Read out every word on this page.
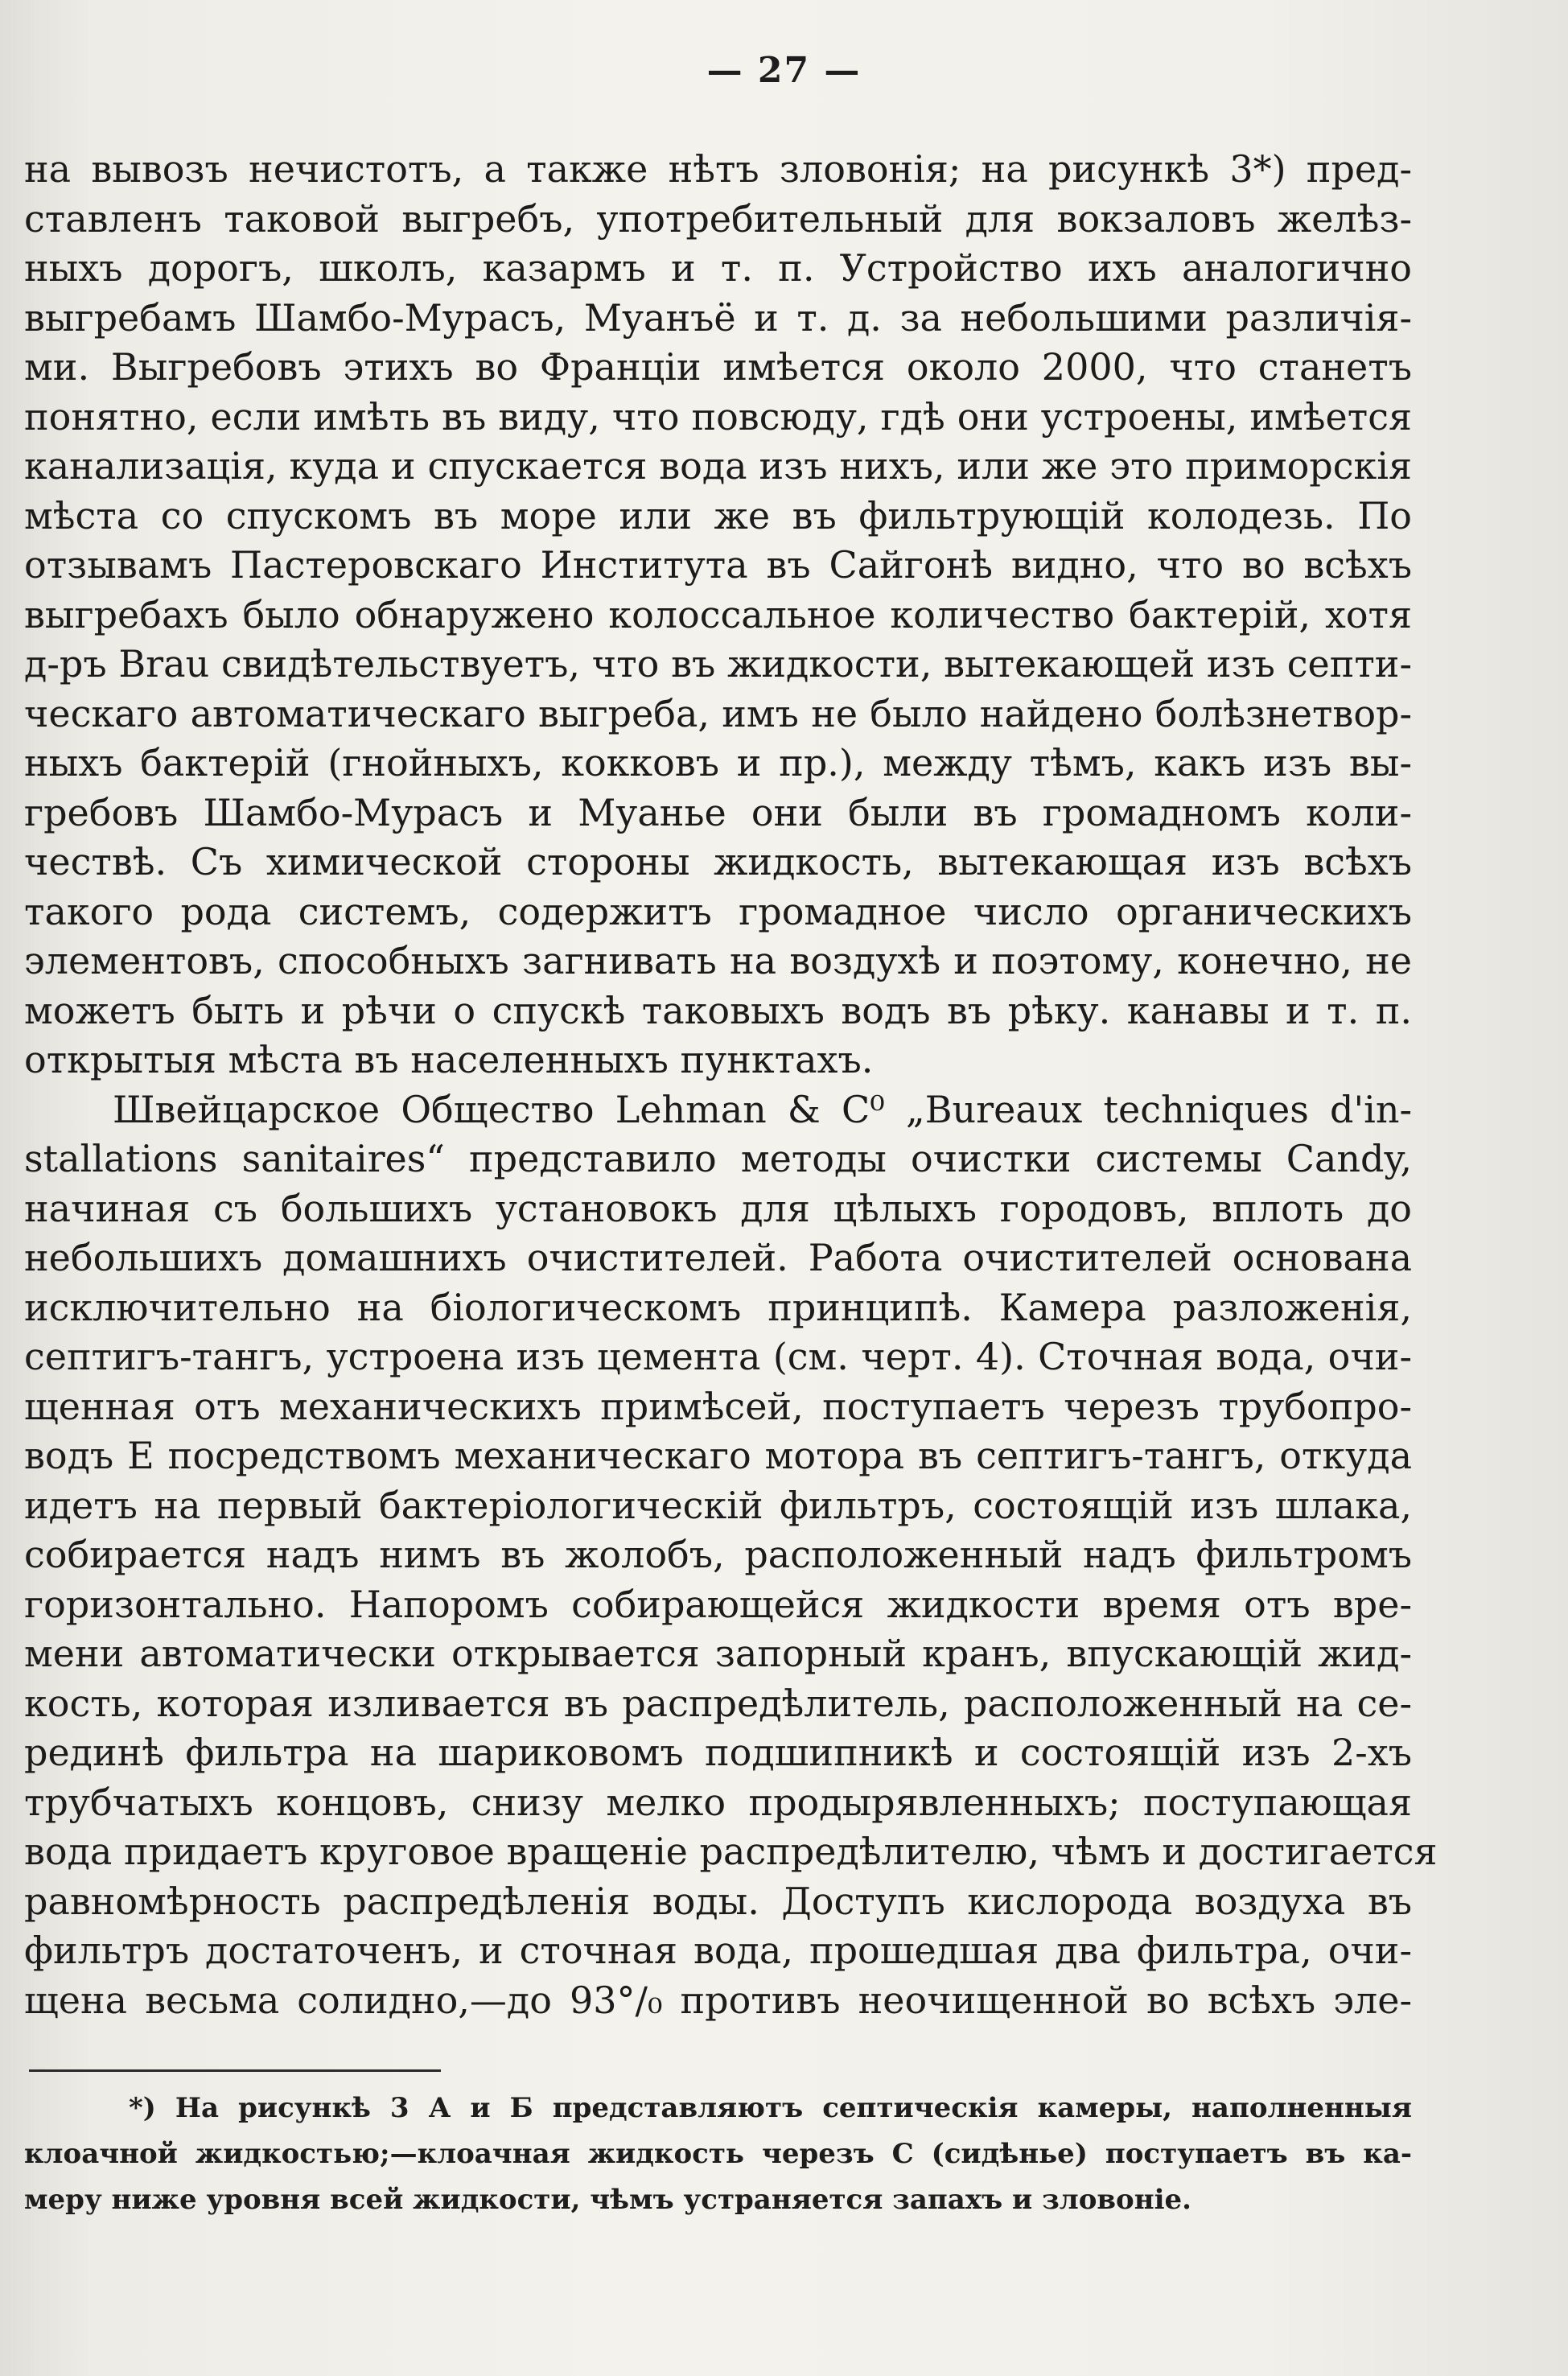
— 27 —
на вывозъ нечистотъ, а также нѣтъ зловонія; на рисункѣ 3*) пред-
ставленъ таковой выгребъ, употребительный для вокзаловъ желѣз-
ныхъ дорогъ, школъ, казармъ и т. п. Устройство ихъ аналогично
выгребамъ Шамбо-Мурасъ, Муанъё и т. д. за небольшими различія-
ми. Выгребовъ этихъ во Франціи имѣется около 2000, что станетъ
понятно, если имѣть въ виду, что повсюду, гдѣ они устроены, имѣется
канализація, куда и спускается вода изъ нихъ, или же это приморскія
мѣста со спускомъ въ море или же въ фильтрующій колодезь. По
отзывамъ Пастеровскаго Института въ Сайгонѣ видно, что во всѣхъ
выгребахъ было обнаружено колоссальное количество бактерій, хотя
д-ръ Brau свидѣтельствуетъ, что въ жидкости, вытекающей изъ септи-
ческаго автоматическаго выгреба, имъ не было найдено болѣзнетвор-
ныхъ бактерій (гнойныхъ, кокковъ и пр.), между тѣмъ, какъ изъ вы-
гребовъ Шамбо-Мурасъ и Муанье они были въ громадномъ коли-
чествѣ. Съ химической стороны жидкость, вытекающая изъ всѣхъ
такого рода системъ, содержитъ громадное число органическихъ
элементовъ, способныхъ загнивать на воздухѣ и поэтому, конечно, не
можетъ быть и рѣчи о спускѣ таковыхъ водъ въ рѣку. канавы и т. п.
открытыя мѣста въ населенныхъ пунктахъ.
Швейцарское Общество Lehman & C⁰ „Bureaux techniques d'in-
stallations sanitaires“ представило методы очистки системы Candy,
начиная съ большихъ установокъ для цѣлыхъ городовъ, вплоть до
небольшихъ домашнихъ очистителей. Работа очистителей основана
исключительно на біологическомъ принципѣ. Камера разложенія,
септигъ-тангъ, устроена изъ цемента (см. черт. 4). Сточная вода, очи-
щенная отъ механическихъ примѣсей, поступаетъ черезъ трубопро-
водъ Е посредствомъ механическаго мотора въ септигъ-тангъ, откуда
идетъ на первый бактеріологическій фильтръ, состоящій изъ шлака,
собирается надъ нимъ въ жолобъ, расположенный надъ фильтромъ
горизонтально. Напоромъ собирающейся жидкости время отъ вре-
мени автоматически открывается запорный кранъ, впускающій жид-
кость, которая изливается въ распредѣлитель, расположенный на се-
рединѣ фильтра на шариковомъ подшипникѣ и состоящій изъ 2-хъ
трубчатыхъ концовъ, снизу мелко продырявленныхъ; поступающая
вода придаетъ круговое вращеніе распредѣлителю, чѣмъ и достигается
равномѣрность распредѣленія воды. Доступъ кислорода воздуха въ
фильтръ достаточенъ, и сточная вода, прошедшая два фильтра, очи-
щена весьма солидно,—до 93°/₀ противъ неочищенной во всѣхъ эле-
*) На рисункѣ 3 А и Б представляютъ септическія камеры, наполненныя
клоачной жидкостью;—клоачная жидкость черезъ С (сидѣнье) поступаетъ въ ка-
меру ниже уровня всей жидкости, чѣмъ устраняется запахъ и зловоніе.
